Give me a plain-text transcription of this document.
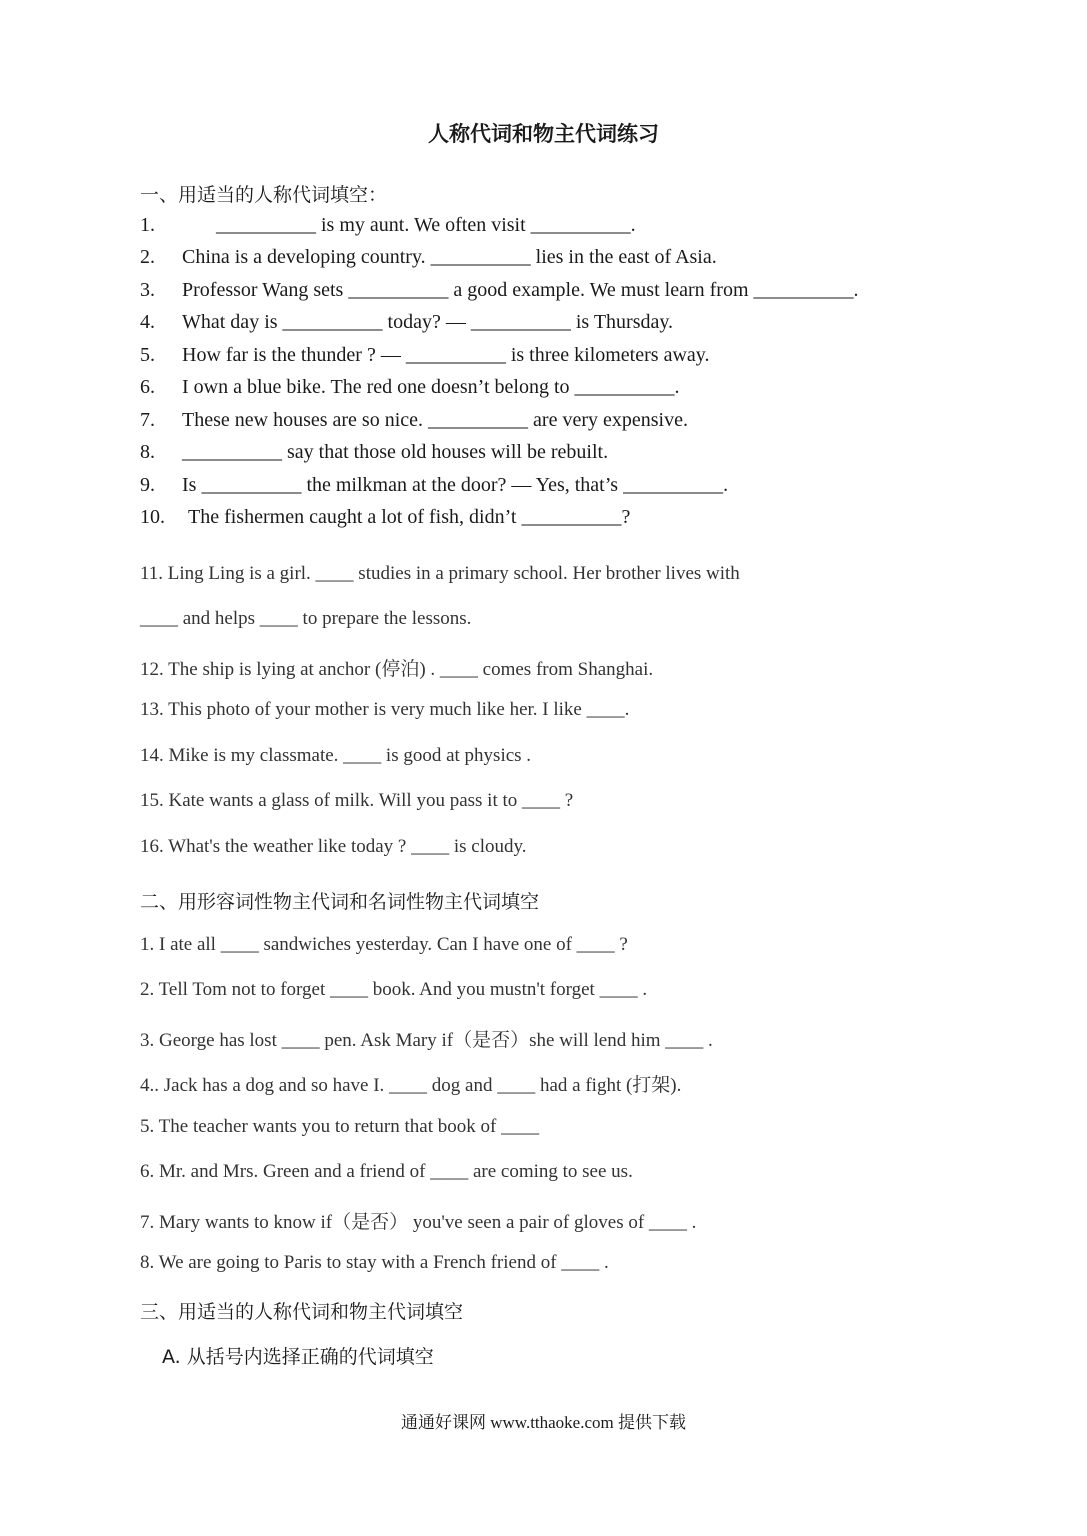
人称代词和物主代词练习
一、用适当的人称代词填空：
1.	__________ is my aunt. We often visit __________.
2. China is a developing country. __________ lies in the east of Asia.
3. Professor Wang sets __________ a good example. We must learn from __________.
4. What day is __________ today? — __________ is Thursday.
5. How far is the thunder ? — __________ is three kilometers away.
6. I own a blue bike. The red one doesn’t belong to __________.
7. These new houses are so nice. __________ are very expensive.
8. __________ say that those old houses will be rebuilt.
9. Is __________ the milkman at the door? — Yes, that’s __________.
10. The fishermen caught a lot of fish, didn’t __________?
11. Ling Ling is a girl. ____ studies in a primary school. Her brother lives with
____ and helps ____ to prepare the lessons.
12. The ship is lying at anchor (停泊) . ____ comes from Shanghai.
13. This photo of your mother is very much like her. I like ____.
14. Mike is my classmate. ____ is good at physics .
15. Kate wants a glass of milk. Will you pass it to ____ ?
16. What's the weather like today ? ____ is cloudy.
二、用形容词性物主代词和名词性物主代词填空
1. I ate all ____ sandwiches yesterday. Can I have one of ____ ?
2. Tell Tom not to forget ____ book. And you mustn't forget ____ .
3. George has lost ____ pen. Ask Mary if（是否）she will lend him ____ .
4.. Jack has a dog and so have I. ____ dog and ____ had a fight (打架).
5. The teacher wants you to return that book of ____
6. Mr. and Mrs. Green and a friend of ____ are coming to see us.
7. Mary wants to know if（是否） you've seen a pair of gloves of ____ .
8. We are going to Paris to stay with a French friend of ____ .
三、用适当的人称代词和物主代词填空
A. 从括号内选择正确的代词填空
通通好课网 www.tthaoke.com 提供下载
